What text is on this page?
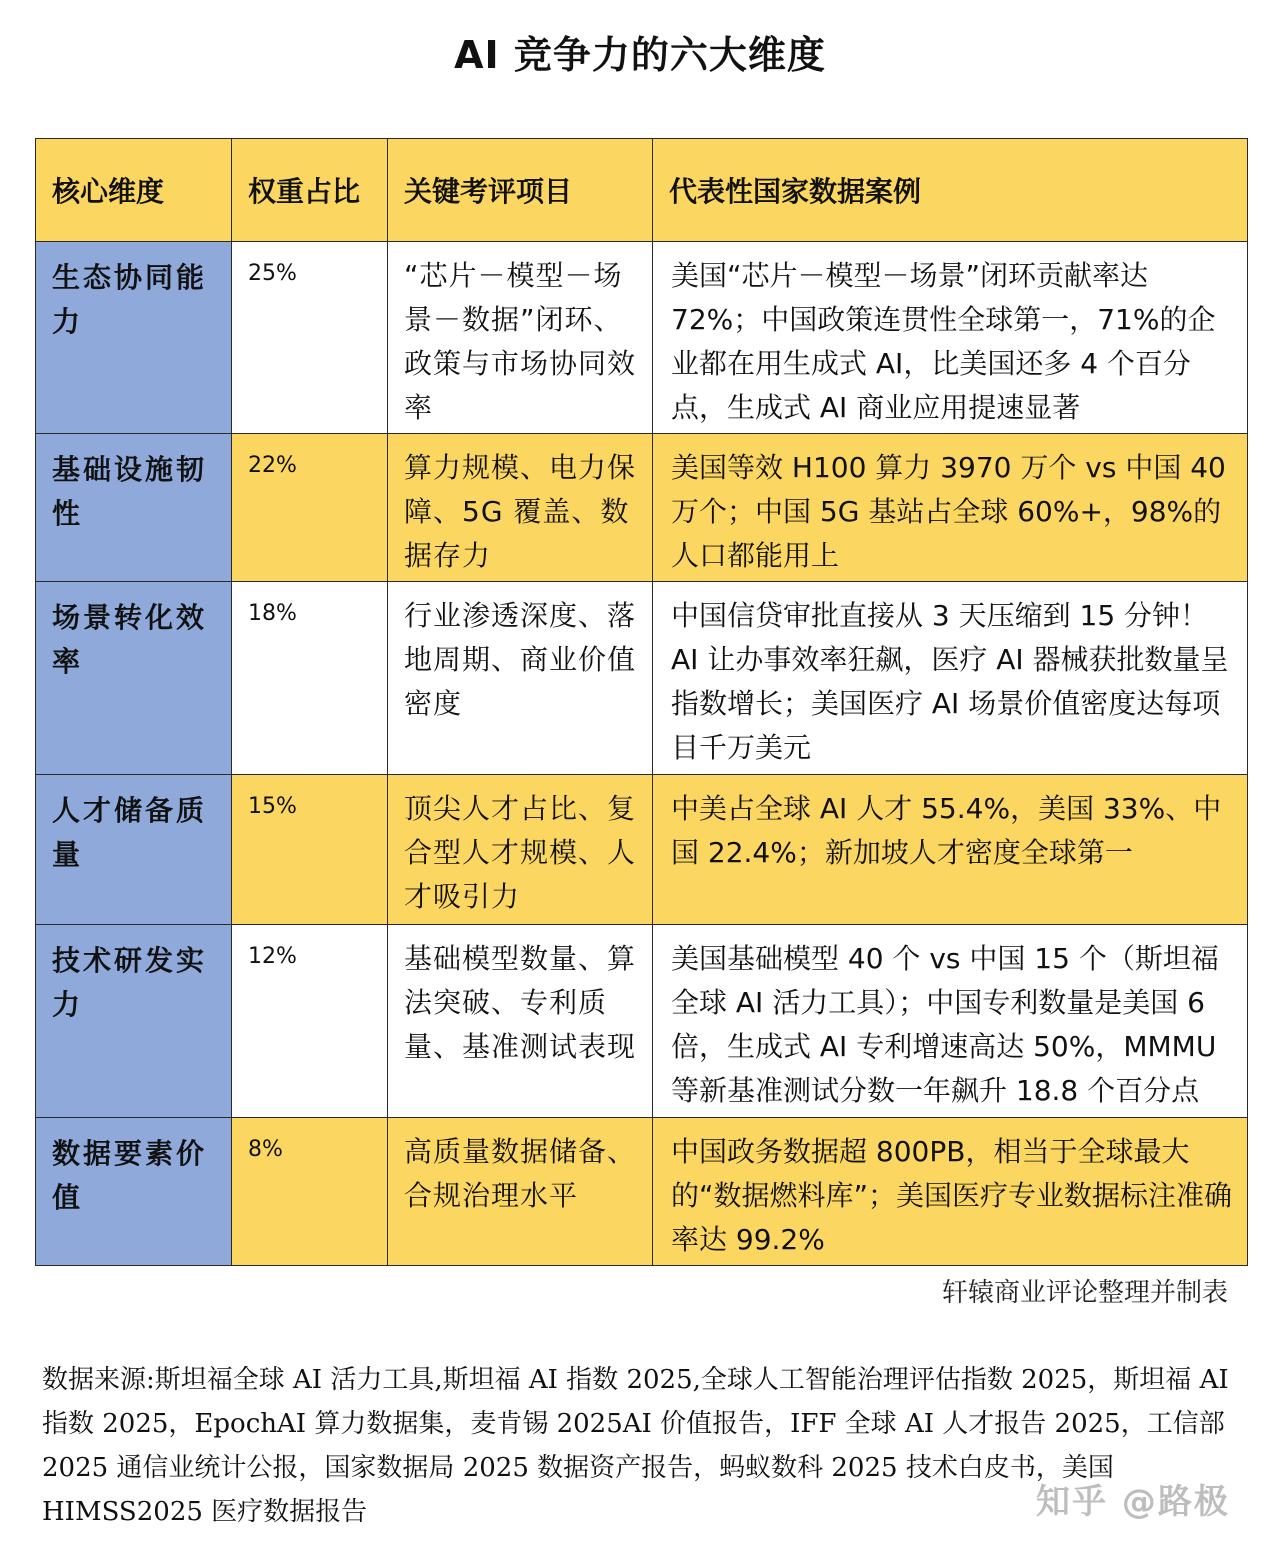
AI 竞争力的六大维度
核心维度	权重占比	关键考评项目	代表性国家数据案例
生态协同能力	25%	“芯片－模型－场景－数据”闭环、政策与市场协同效率	美国“芯片－模型－场景”闭环贡献率达 72%；中国政策连贯性全球第一，71%的企业都在用生成式 AI，比美国还多 4 个百分点，生成式 AI 商业应用提速显著
基础设施韧性	22%	算力规模、电力保障、5G 覆盖、数据存力	美国等效 H100 算力 3970 万个 vs 中国 40 万个；中国 5G 基站占全球 60%+，98%的人口都能用上
场景转化效率	18%	行业渗透深度、落地周期、商业价值密度	中国信贷审批直接从 3 天压缩到 15 分钟！AI 让办事效率狂飙，医疗 AI 器械获批数量呈指数增长；美国医疗 AI 场景价值密度达每项目千万美元
人才储备质量	15%	顶尖人才占比、复合型人才规模、人才吸引力	中美占全球 AI 人才 55.4%，美国 33%、中国 22.4%；新加坡人才密度全球第一
技术研发实力	12%	基础模型数量、算法突破、专利质量、基准测试表现	美国基础模型 40 个 vs 中国 15 个（斯坦福全球 AI 活力工具）；中国专利数量是美国 6 倍，生成式 AI 专利增速高达 50%，MMMU 等新基准测试分数一年飙升 18.8 个百分点
数据要素价值	8%	高质量数据储备、合规治理水平	中国政务数据超 800PB，相当于全球最大的“数据燃料库”；美国医疗专业数据标注准确率达 99.2%
轩辕商业评论整理并制表
数据来源:斯坦福全球 AI 活力工具,斯坦福 AI 指数 2025,全球人工智能治理评估指数 2025，斯坦福 AI 指数 2025，EpochAI 算力数据集，麦肯锡 2025AI 价值报告，IFF 全球 AI 人才报告 2025，工信部 2025 通信业统计公报，国家数据局 2025 数据资产报告，蚂蚁数科 2025 技术白皮书，美国 HIMSS2025 医疗数据报告	知乎 @路极
